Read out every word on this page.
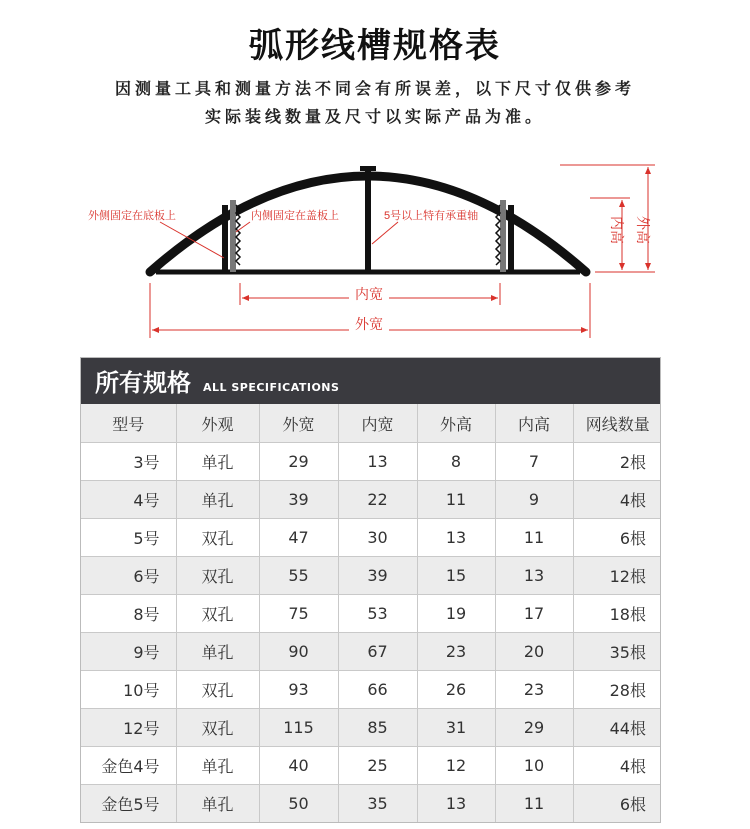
弧形线槽规格表
因测量工具和测量方法不同会有所误差，以下尺寸仅供参考
实际装线数量及尺寸以实际产品为准。
外侧固定在底板上	内侧固定在盖板上	5号以上特有承重轴
内宽
外宽
内高 外高
所有规格 ALL SPECIFICATIONS
型号	外观	外宽	内宽	外高	内高	网线数量
3号	单孔	29	13	8	7	2根
4号	单孔	39	22	11	9	4根
5号	双孔	47	30	13	11	6根
6号	双孔	55	39	15	13	12根
8号	双孔	75	53	19	17	18根
9号	单孔	90	67	23	20	35根
10号	双孔	93	66	26	23	28根
12号	双孔	115	85	31	29	44根
金色4号	单孔	40	25	12	10	4根
金色5号	单孔	50	35	13	11	6根
